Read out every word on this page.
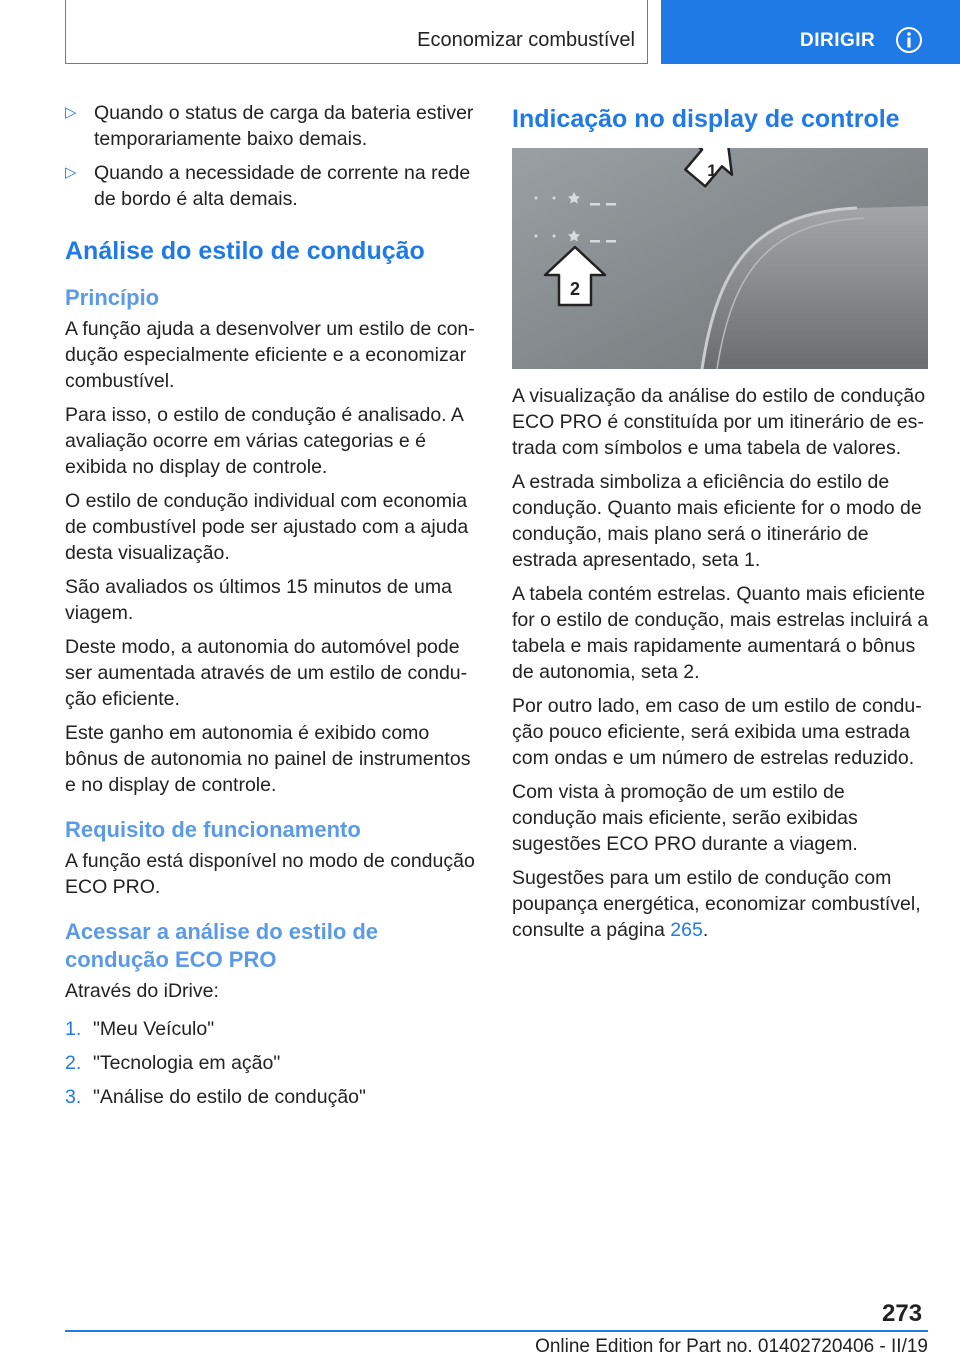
Economizar combustível	DIRIGIR
▷ Quando o status de carga da bateria estiver temporariamente baixo demais.
▷ Quando a necessidade de corrente na rede de bordo é alta demais.
Análise do estilo de condução
Princípio

A função ajuda a desenvolver um estilo de condução especialmente eficiente e a economizar combustível.

Para isso, o estilo de condução é analisado. A avaliação ocorre em várias categorias e é exibida no display de controle.

O estilo de condução individual com economia de combustível pode ser ajustado com a ajuda desta visualização.

São avaliados os últimos 15 minutos de uma viagem.

Deste modo, a autonomia do automóvel pode ser aumentada através de um estilo de condução eficiente.

Este ganho em autonomia é exibido como bônus de autonomia no painel de instrumentos e no display de controle.

Requisito de funcionamento

A função está disponível no modo de condução ECO PRO.

Acessar a análise do estilo de condução ECO PRO

Através do iDrive:

1. "Meu Veículo"
2. "Tecnologia em ação"
3. "Análise do estilo de condução"
Indicação no display de controle
1
2

A visualização da análise do estilo de condução ECO PRO é constituída por um itinerário de estrada com símbolos e uma tabela de valores.

A estrada simboliza a eficiência do estilo de condução. Quanto mais eficiente for o modo de condução, mais plano será o itinerário de estrada apresentado, seta 1.

A tabela contém estrelas. Quanto mais eficiente for o estilo de condução, mais estrelas incluirá a tabela e mais rapidamente aumentará o bônus de autonomia, seta 2.

Por outro lado, em caso de um estilo de condução pouco eficiente, será exibida uma estrada com ondas e um número de estrelas reduzido.

Com vista à promoção de um estilo de condução mais eficiente, serão exibidas sugestões ECO PRO durante a viagem.

Sugestões para um estilo de condução com poupança energética, economizar combustível, consulte a página 265.

273
Online Edition for Part no. 01402720406 - II/19
